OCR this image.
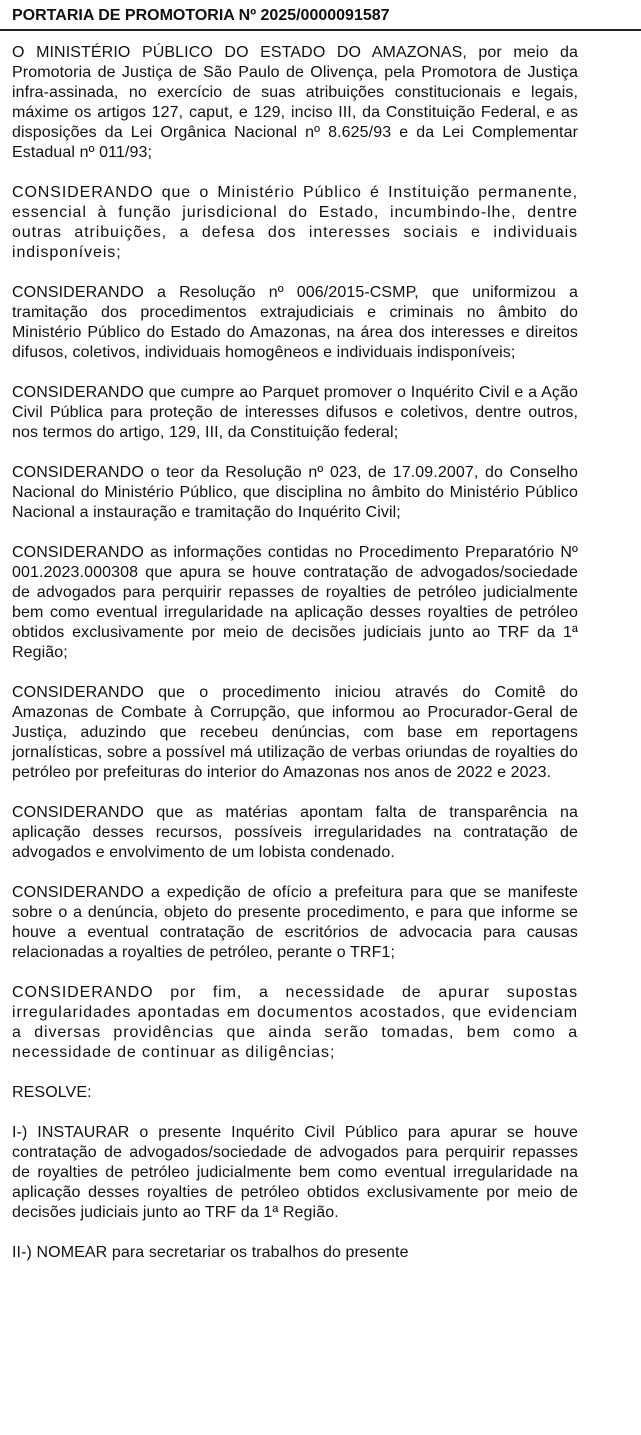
PORTARIA DE PROMOTORIA Nº 2025/0000091587

O MINISTÉRIO PÚBLICO DO ESTADO DO AMAZONAS, por meio da Promotoria de Justiça de São Paulo de Olivença, pela Promotora de Justiça infra-assinada, no exercício de suas atribuições constitucionais e legais, máxime os artigos 127, caput, e 129, inciso III, da Constituição Federal, e as disposições da Lei Orgânica Nacional nº 8.625/93 e da Lei Complementar Estadual nº 011/93;

CONSIDERANDO que o Ministério Público é Instituição permanente, essencial à função jurisdicional do Estado, incumbindo-lhe, dentre outras atribuições, a defesa dos interesses sociais e individuais indisponíveis;

CONSIDERANDO a Resolução nº 006/2015-CSMP, que uniformizou a tramitação dos procedimentos extrajudiciais e criminais no âmbito do Ministério Público do Estado do Amazonas, na área dos interesses e direitos difusos, coletivos, individuais homogêneos e individuais indisponíveis;

CONSIDERANDO que cumpre ao Parquet promover o Inquérito Civil e a Ação Civil Pública para proteção de interesses difusos e coletivos, dentre outros, nos termos do artigo, 129, III, da Constituição federal;

CONSIDERANDO o teor da Resolução nº 023, de 17.09.2007, do Conselho Nacional do Ministério Público, que disciplina no âmbito do Ministério Público Nacional a instauração e tramitação do Inquérito Civil;

CONSIDERANDO as informações contidas no Procedimento Preparatório Nº 001.2023.000308 que apura se houve contratação de advogados/sociedade de advogados para perquirir repasses de royalties de petróleo judicialmente bem como eventual irregularidade na aplicação desses royalties de petróleo obtidos exclusivamente por meio de decisões judiciais junto ao TRF da 1ª Região;

CONSIDERANDO que o procedimento iniciou através do Comitê do Amazonas de Combate à Corrupção, que informou ao Procurador-Geral de Justiça, aduzindo que recebeu denúncias, com base em reportagens jornalísticas, sobre a possível má utilização de verbas oriundas de royalties do petróleo por prefeituras do interior do Amazonas nos anos de 2022 e 2023.

CONSIDERANDO que as matérias apontam falta de transparência na aplicação desses recursos, possíveis irregularidades na contratação de advogados e envolvimento de um lobista condenado.

CONSIDERANDO a expedição de ofício a prefeitura para que se manifeste sobre o a denúncia, objeto do presente procedimento, e para que informe se houve a eventual contratação de escritórios de advocacia para causas relacionadas a royalties de petróleo, perante o TRF1;

CONSIDERANDO por fim, a necessidade de apurar supostas irregularidades apontadas em documentos acostados, que evidenciam a diversas providências que ainda serão tomadas, bem como a necessidade de continuar as diligências;

RESOLVE:

I-) INSTAURAR o presente Inquérito Civil Público para apurar se houve contratação de advogados/sociedade de advogados para perquirir repasses de royalties de petróleo judicialmente bem como eventual irregularidade na aplicação desses royalties de petróleo obtidos exclusivamente por meio de decisões judiciais junto ao TRF da 1ª Região.

II-) NOMEAR para secretariar os trabalhos do presente
